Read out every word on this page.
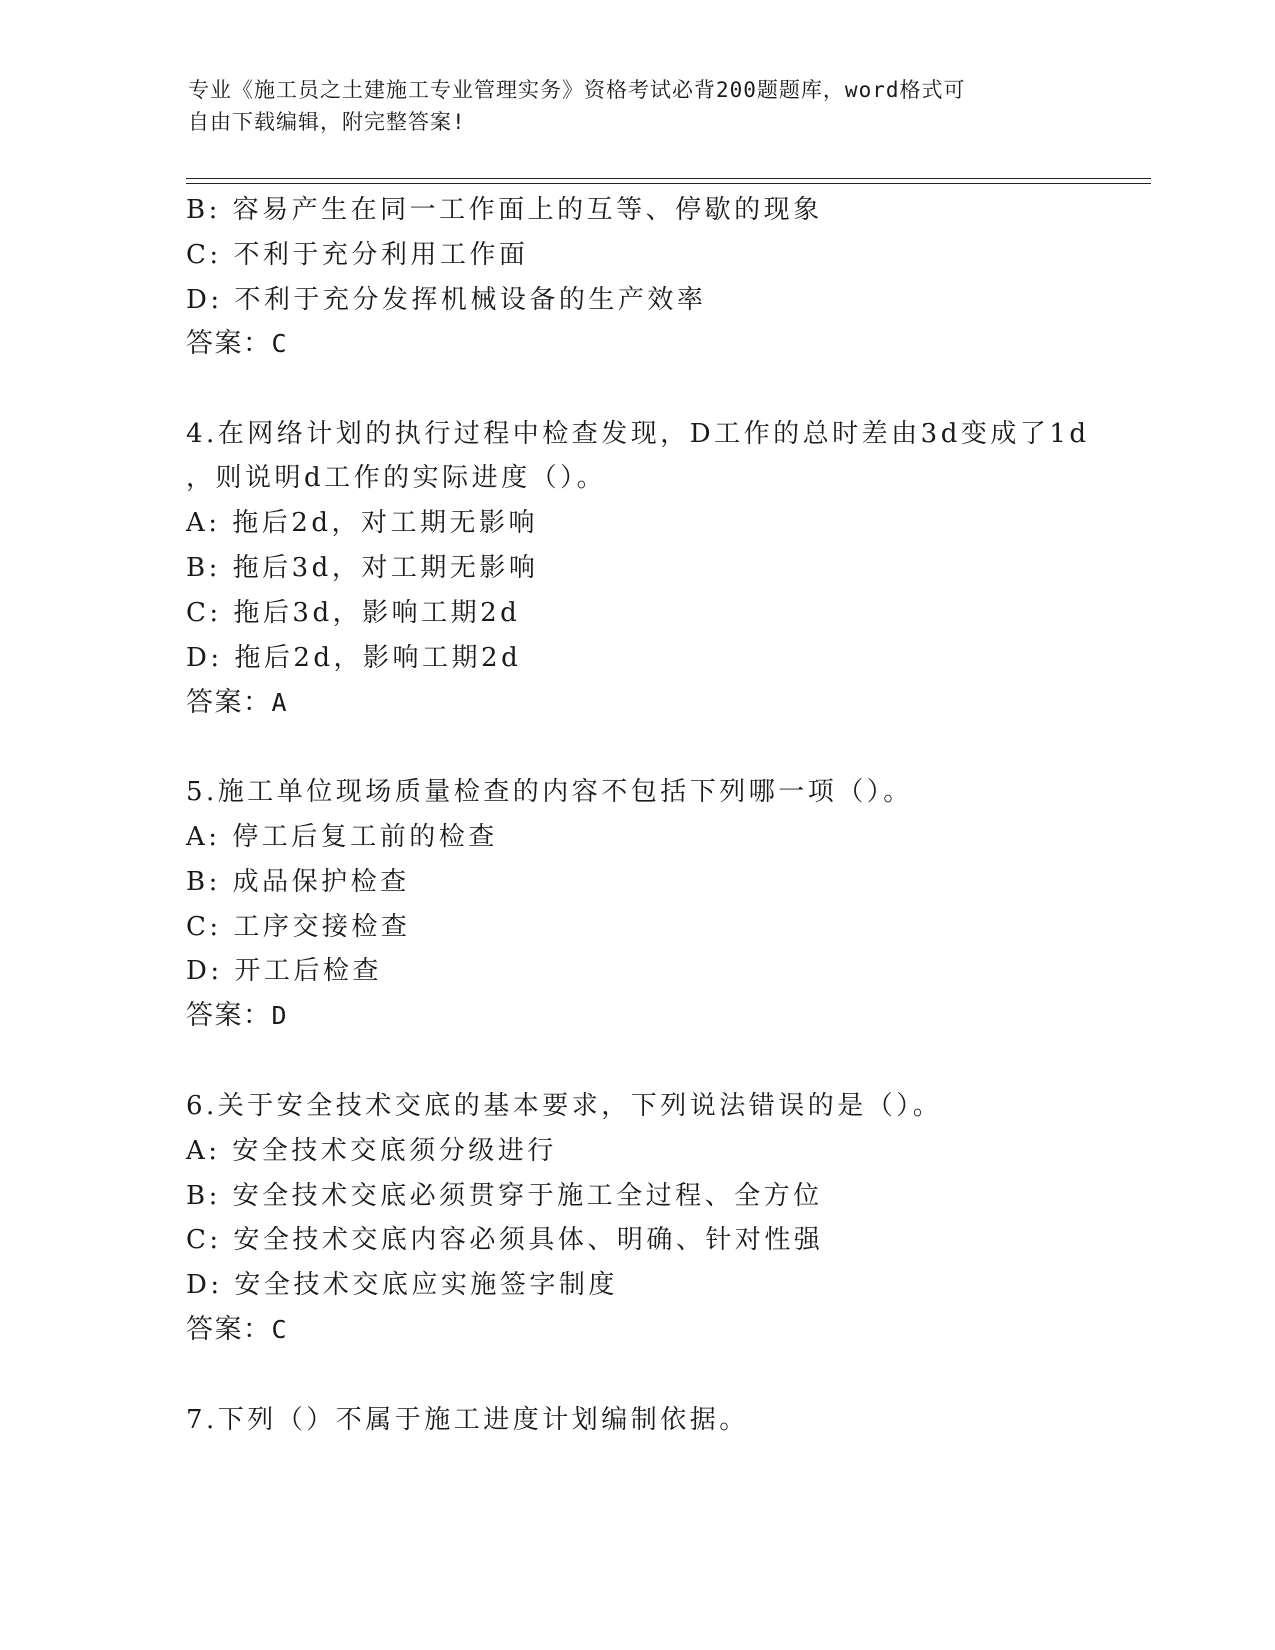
专业《施工员之土建施工专业管理实务》资格考试必背200题题库，word格式可
自由下载编辑，附完整答案!
B: 容易产生在同一工作面上的互等、停歇的现象
C: 不利于充分利用工作面
D: 不利于充分发挥机械设备的生产效率
答案：C
4.在网络计划的执行过程中检查发现，D工作的总时差由3d变成了1d
，则说明d工作的实际进度（）。
A: 拖后2d，对工期无影响
B: 拖后3d，对工期无影响
C: 拖后3d，影响工期2d
D: 拖后2d，影响工期2d
答案：A
5.施工单位现场质量检查的内容不包括下列哪一项（）。
A: 停工后复工前的检查
B: 成品保护检查
C: 工序交接检查
D: 开工后检查
答案：D
6.关于安全技术交底的基本要求，下列说法错误的是（）。
A: 安全技术交底须分级进行
B: 安全技术交底必须贯穿于施工全过程、全方位
C: 安全技术交底内容必须具体、明确、针对性强
D: 安全技术交底应实施签字制度
答案：C
7.下列（）不属于施工进度计划编制依据。
